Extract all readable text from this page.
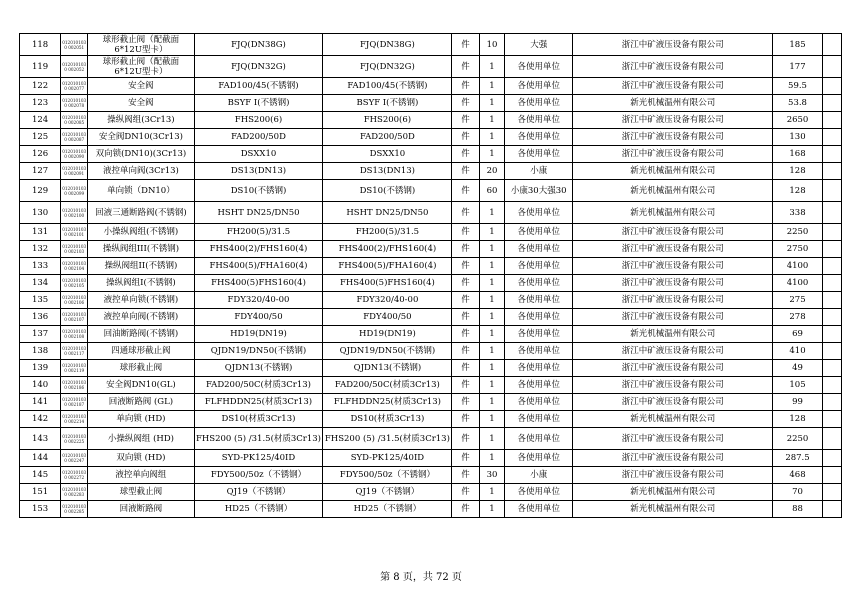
118	0120101030 002051	球形截止阀（配截面6*12U型卡）	FJQ(DN38G)	FJQ(DN38G)	件	10	大强	浙江中矿液压设备有限公司	185	
119	0120101030 002052	球形截止阀（配截面6*12U型卡）	FJQ(DN32G)	FJQ(DN32G)	件	1	各使用单位	浙江中矿液压设备有限公司	177	
122	0120101030 002077	安全阀	FAD100/45(不锈钢)	FAD100/45(不锈钢)	件	1	各使用单位	浙江中矿液压设备有限公司	59.5	
123	0120101030 002078	安全阀	BSYF I(不锈钢)	BSYF I(不锈钢)	件	1	各使用单位	新光机械温州有限公司	53.8	
124	0120101030 002085	操纵阀组(3Cr13)	FHS200(6)	FHS200(6)	件	1	各使用单位	浙江中矿液压设备有限公司	2650	
125	0120101030 002087	安全阀DN10(3Cr13)	FAD200/50D	FAD200/50D	件	1	各使用单位	浙江中矿液压设备有限公司	130	
126	0120101030 002090	双向锁(DN10)(3Cr13)	DSXX10	DSXX10	件	1	各使用单位	浙江中矿液压设备有限公司	168	
127	0120101030 002091	液控单向阀(3Cr13)	DS13(DN13)	DS13(DN13)	件	20	小康	新光机械温州有限公司	128	
129	0120101030 002099	单向锁（DN10）	DS10(不锈钢)	DS10(不锈钢)	件	60	小康30大强30	新光机械温州有限公司	128	
130	0120101030 002100	回液三通断路阀(不锈钢)	HSHT DN25/DN50	HSHT DN25/DN50	件	1	各使用单位	新光机械温州有限公司	338	
131	0120101030 002101	小操纵阀组(不锈钢)	FH200(5)/31.5	FH200(5)/31.5	件	1	各使用单位	浙江中矿液压设备有限公司	2250	
132	0120101030 002103	操纵阀组III(不锈钢)	FHS400(2)/FHS160(4)	FHS400(2)/FHS160(4)	件	1	各使用单位	浙江中矿液压设备有限公司	2750	
133	0120101030 002104	操纵阀组II(不锈钢)	FHS400(5)/FHA160(4)	FHS400(5)/FHA160(4)	件	1	各使用单位	浙江中矿液压设备有限公司	4100	
134	0120101030 002105	操纵阀组I(不锈钢)	FHS400(5)FHS160(4)	FHS400(5)FHS160(4)	件	1	各使用单位	浙江中矿液压设备有限公司	4100	
135	0120101030 002106	液控单向锁(不锈钢)	FDY320/40-00	FDY320/40-00	件	1	各使用单位	浙江中矿液压设备有限公司	275	
136	0120101030 002107	液控单向阀(不锈钢)	FDY400/50	FDY400/50	件	1	各使用单位	浙江中矿液压设备有限公司	278	
137	0120101030 002108	回油断路阀(不锈钢)	HD19(DN19)	HD19(DN19)	件	1	各使用单位	新光机械温州有限公司	69	
138	0120101030 002117	四通球形截止阀	QJDN19/DN50(不锈钢)	QJDN19/DN50(不锈钢)	件	1	各使用单位	浙江中矿液压设备有限公司	410	
139	0120101030 002119	球形截止阀	QJDN13(不锈钢)	QJDN13(不锈钢)	件	1	各使用单位	浙江中矿液压设备有限公司	49	
140	0120101030 002186	安全阀DN10(GL)	FAD200/50C(材质3Cr13)	FAD200/50C(材质3Cr13)	件	1	各使用单位	浙江中矿液压设备有限公司	105	
141	0120101030 002187	回液断路阀 (GL)	FLFHDDN25(材质3Cr13)	FLFHDDN25(材质3Cr13)	件	1	各使用单位	浙江中矿液压设备有限公司	99	
142	0120101030 002214	单向锁 (HD)	DS10(材质3Cr13)	DS10(材质3Cr13)	件	1	各使用单位	新光机械温州有限公司	128	
143	0120101030 002225	小操纵阀组 (HD)	FHS200 (5) /31.5(材质3Cr13)	FHS200 (5) /31.5(材质3Cr13)	件	1	各使用单位	浙江中矿液压设备有限公司	2250	
144	0120101030 002247	双向锁 (HD)	SYD-PK125/40ID	SYD-PK125/40ID	件	1	各使用单位	浙江中矿液压设备有限公司	287.5	
145	0120101030 002272	液控单向阀组	FDY500/50z（不锈钢）	FDY500/50z（不锈钢）	件	30	小康	浙江中矿液压设备有限公司	468	
151	0120101030 002283	球型截止阀	QJ19（不锈钢）	QJ19（不锈钢）	件	1	各使用单位	新光机械温州有限公司	70	
153	0120101030 002285	回液断路阀	HD25（不锈钢）	HD25（不锈钢）	件	1	各使用单位	新光机械温州有限公司	88	
第 8 页，共 72 页
